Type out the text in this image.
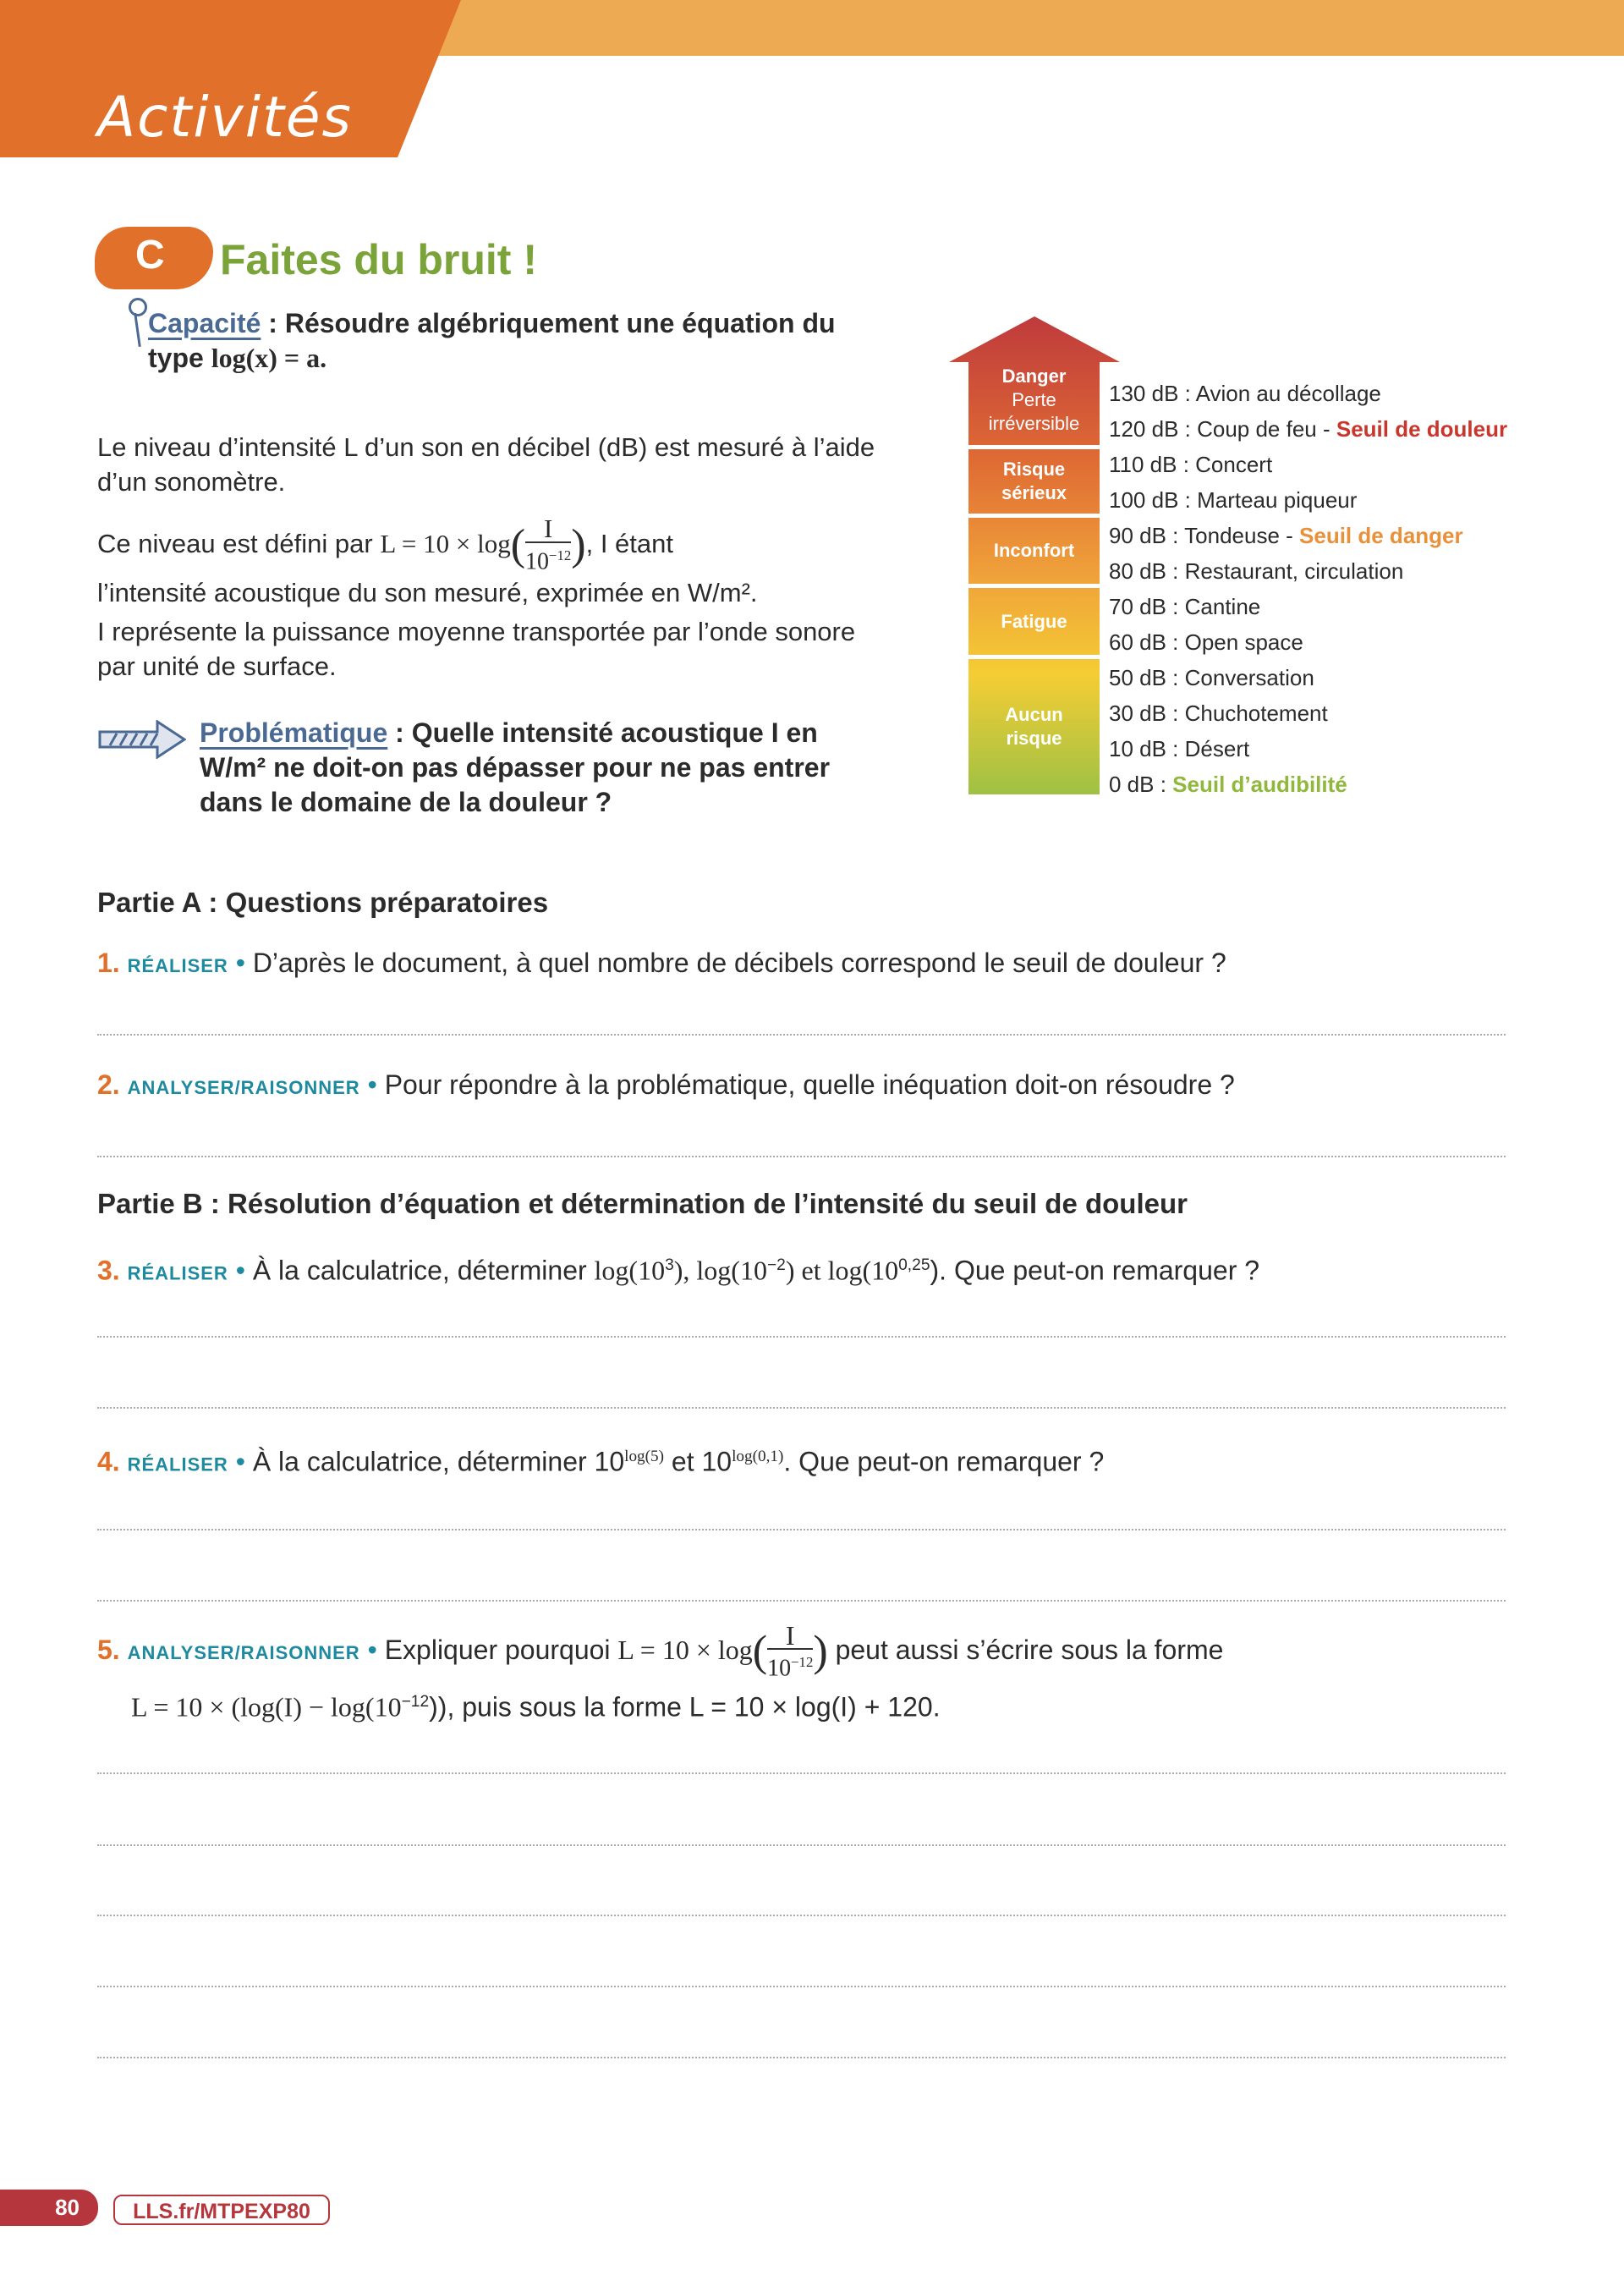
Activités
C Faites du bruit !
Capacité : Résoudre algébriquement une équation du type log(x) = a.
Le niveau d’intensité L d’un son en décibel (dB) est mesuré à l’aide d’un sonomètre.
Ce niveau est défini par $L = 10 \times \log( \frac{I}{10^{-12}}$ ), I étant
l’intensité acoustique du son mesuré, exprimée en W/m².
I représente la puissance moyenne transportée par l’onde sonore par unité de surface.
Problématique : Quelle intensité acoustique I en W/m² ne doit-on pas dépasser pour ne pas entrer dans le domaine de la douleur ?
Danger
Perte irréversible
Risque sérieux
Inconfort
Fatigue
Aucun risque
130 dB : Avion au décollage
120 dB : Coup de feu - Seuil de douleur
110 dB : Concert
100 dB : Marteau piqueur
90 dB : Tondeuse - Seuil de danger
80 dB : Restaurant, circulation
70 dB : Cantine
60 dB : Open space
50 dB : Conversation
30 dB : Chuchotement
10 dB : Désert
0 dB : Seuil d’audibilité
Partie A : Questions préparatoires
1. RÉALISER • D’après le document, à quel nombre de décibels correspond le seuil de douleur ?
2. ANALYSER/RAISONNER • Pour répondre à la problématique, quelle inéquation doit-on résoudre ?
Partie B : Résolution d’équation et détermination de l’intensité du seuil de douleur
3. RÉALISER • À la calculatrice, déterminer $\log(10^3)$, $\log(10^{-2})$ et log(10$^{0,25}$). Que peut-on remarquer ?
4. RÉALISER • À la calculatrice, déterminer $10^{log(5)}$ et $10^{log(0,1)}$. Que peut-on remarquer ?
5. ANALYSER/RAISONNER • Expliquer pourquoi $L = 10 \times \log( \frac{I}{10^{-12}}$ ) peut aussi s’écrire sous la forme
$L = 10 \times (\log(I) - \log(10^{-12}))$, puis sous la forme L = 10 × log(I) + 120.
80	LLS.fr/MTPEXP80
